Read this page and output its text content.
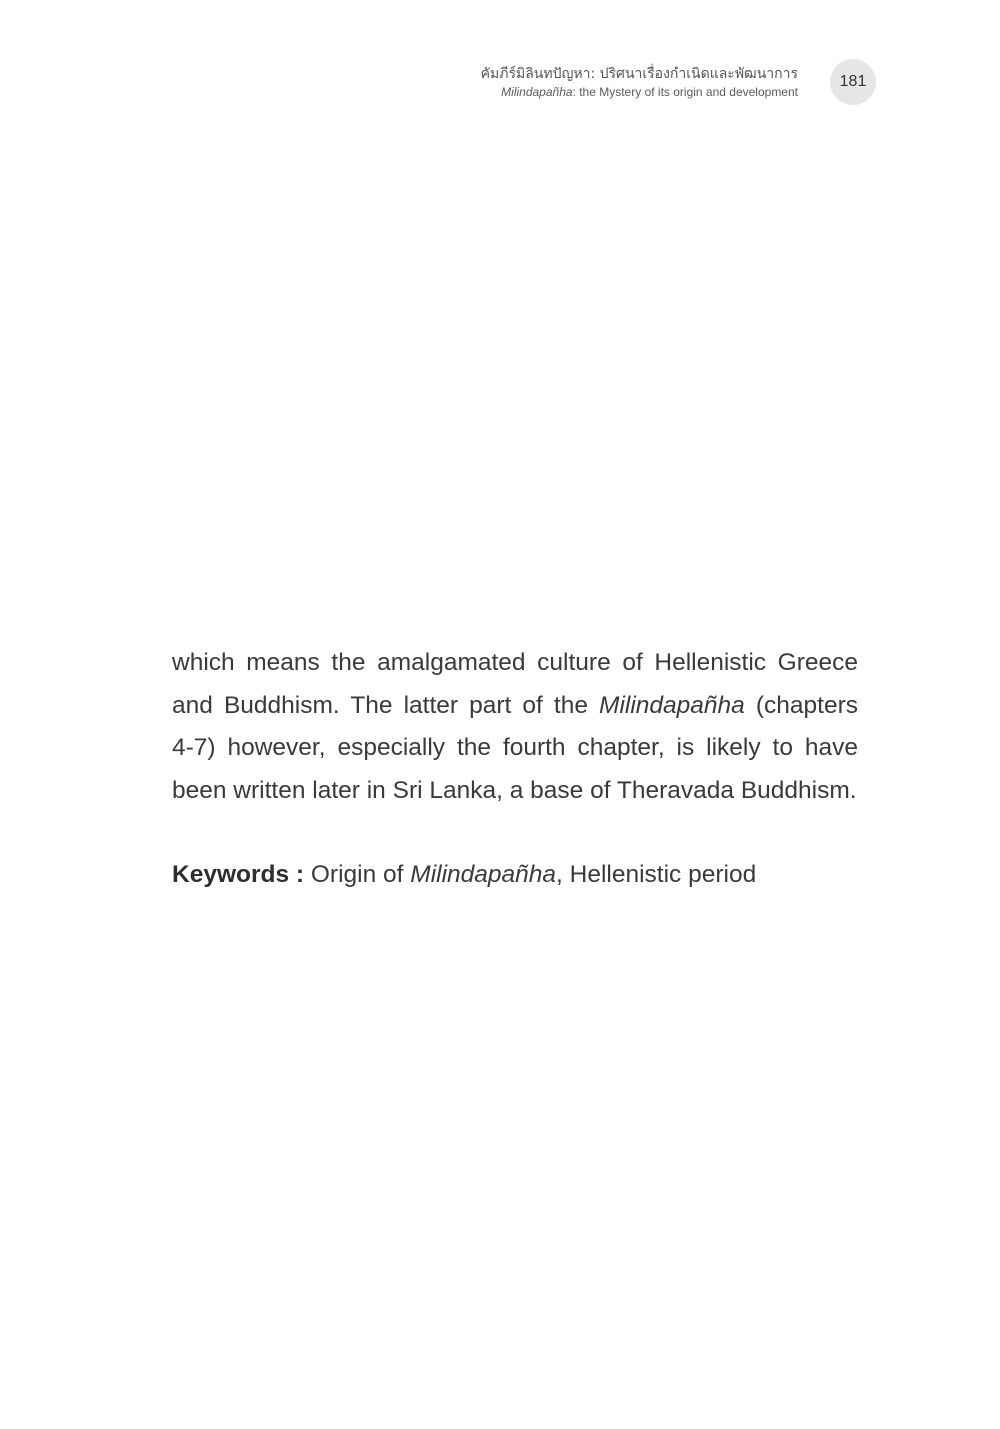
คัมภีร์มิลินทปัญหา: ปริศนาเรื่องกำเนิดและพัฒนาการ
Milindapañha: the Mystery of its origin and development
181
which means the amalgamated culture of Hellenistic Greece
and Buddhism. The latter part of the Milindapañha (chapters
4-7) however, especially the fourth chapter, is likely to have
been written later in Sri Lanka, a base of Theravada Buddhism.
Keywords : Origin of Milindapañha, Hellenistic period
